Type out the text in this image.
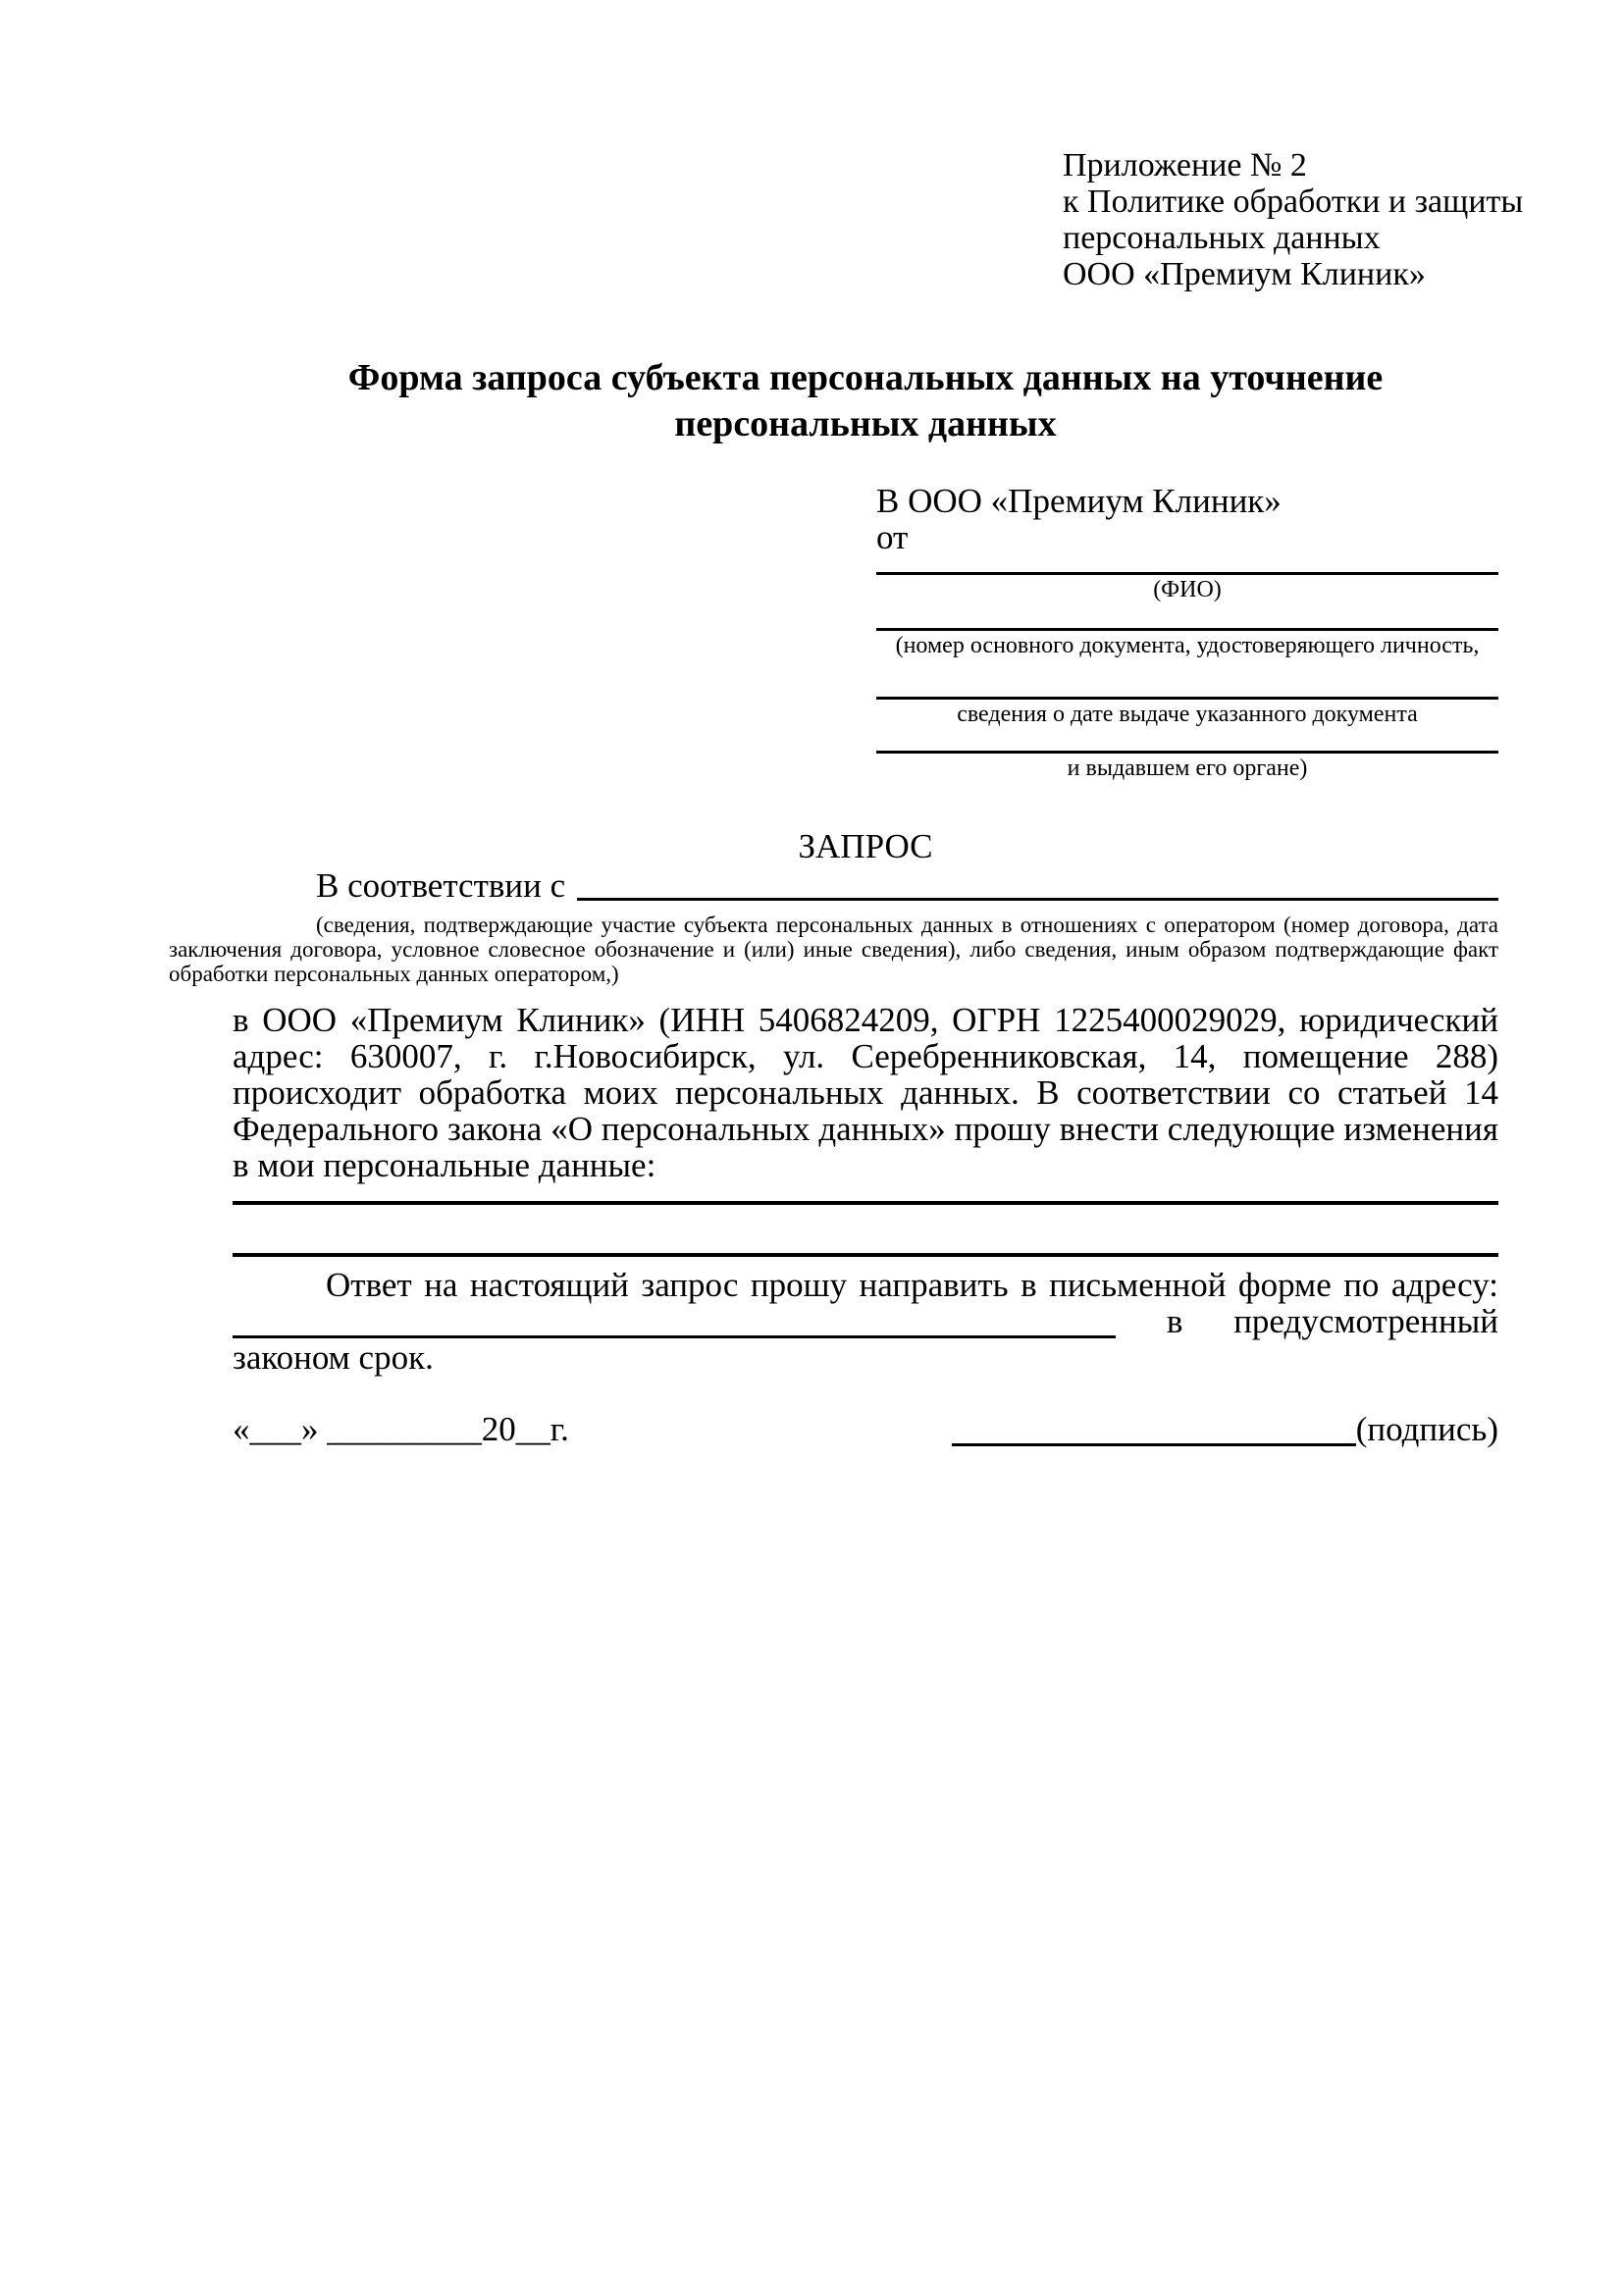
Приложение № 2
к Политике обработки и защиты
персональных данных
ООО «Премиум Клиник»
Форма запроса субъекта персональных данных на уточнение персональных данных
В ООО «Премиум Клиник»
от
(ФИО)
(номер основного документа, удостоверяющего личность,
сведения о дате выдаче указанного документа
и выдавшем его органе)
ЗАПРОС
В соответствии с
(сведения, подтверждающие участие субъекта персональных данных в отношениях с оператором (номер договора, дата заключения договора, условное словесное обозначение и (или) иные сведения), либо сведения, иным образом подтверждающие факт обработки персональных данных оператором,)
в ООО «Премиум Клиник» (ИНН 5406824209, ОГРН 1225400029029, юридический адрес: 630007, г. г.Новосибирск, ул. Серебренниковская, 14, помещение 288) происходит обработка моих персональных данных. В соответствии со статьей 14 Федерального закона «О персональных данных» прошу внести следующие изменения в мои персональные данные:
Ответ на настоящий запрос прошу направить в письменной форме по адресу:  в предусмотренный законом срок.
«___» _________20__г.	(подпись)
